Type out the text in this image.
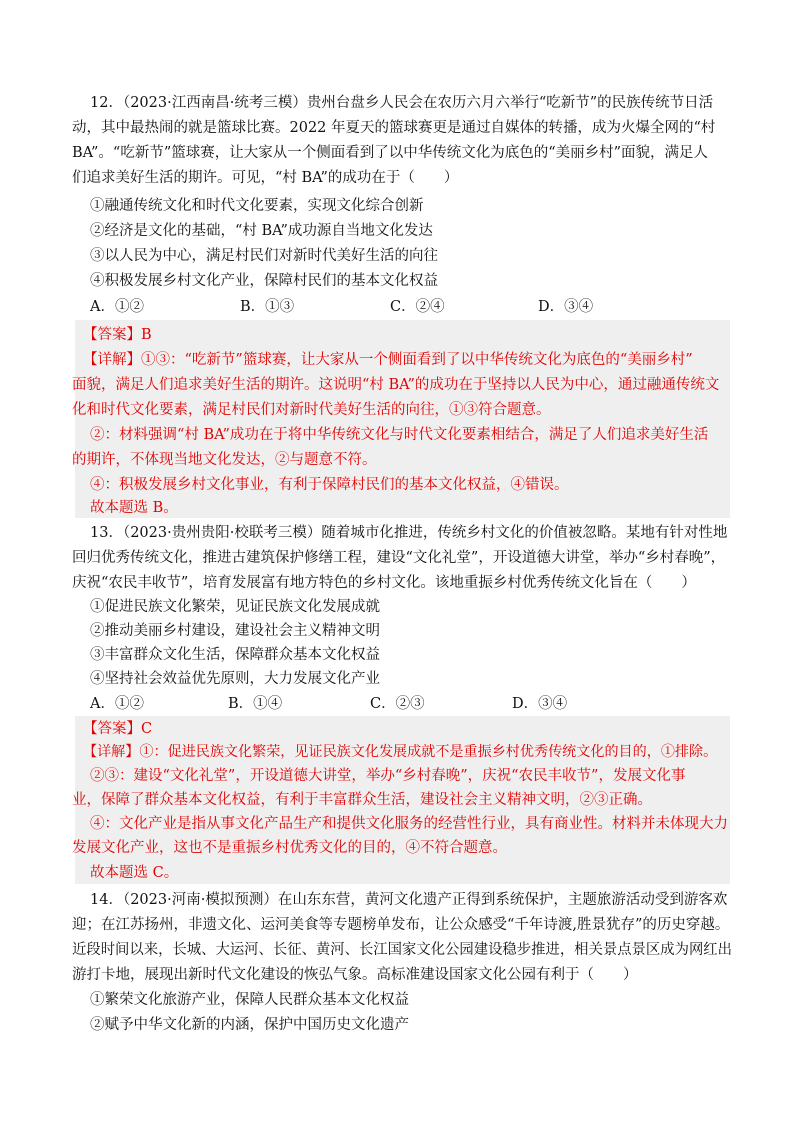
12．（2023·江西南昌·统考三模）贵州台盘乡人民会在农历六月六举行“吃新节”的民族传统节日活
动，其中最热闹的就是篮球比赛。2022 年夏天的篮球赛更是通过自媒体的转播，成为火爆全网的“村
BA”。“吃新节”篮球赛，让大家从一个侧面看到了以中华传统文化为底色的“美丽乡村”面貌，满足人
们追求美好生活的期许。可见，“村 BA”的成功在于（　　）
①融通传统文化和时代文化要素，实现文化综合创新
②经济是文化的基础，“村 BA”成功源自当地文化发达
③以人民为中心，满足村民们对新时代美好生活的向往
④积极发展乡村文化产业，保障村民们的基本文化权益
A．①②	B．①③	C．②④	D．③④
【答案】B
【详解】①③：“吃新节”篮球赛，让大家从一个侧面看到了以中华传统文化为底色的“美丽乡村”
面貌，满足人们追求美好生活的期许。这说明“村 BA”的成功在于坚持以人民为中心，通过融通传统文
化和时代文化要素，满足村民们对新时代美好生活的向往，①③符合题意。
②：材料强调“村 BA”成功在于将中华传统文化与时代文化要素相结合，满足了人们追求美好生活
的期许，不体现当地文化发达，②与题意不符。
④：积极发展乡村文化事业，有利于保障村民们的基本文化权益，④错误。
故本题选 B。
13．（2023·贵州贵阳·校联考三模）随着城市化推进，传统乡村文化的价值被忽略。某地有针对性地
回归优秀传统文化，推进古建筑保护修缮工程，建设“文化礼堂”，开设道德大讲堂，举办“乡村春晚”，
庆祝“农民丰收节”，培育发展富有地方特色的乡村文化。该地重振乡村优秀传统文化旨在（　　）
①促进民族文化繁荣，见证民族文化发展成就
②推动美丽乡村建设，建设社会主义精神文明
③丰富群众文化生活，保障群众基本文化权益
④坚持社会效益优先原则，大力发展文化产业
A．①②	B．①④	C．②③	D．③④
【答案】C
【详解】①：促进民族文化繁荣，见证民族文化发展成就不是重振乡村优秀传统文化的目的，①排除。
②③：建设“文化礼堂”，开设道德大讲堂，举办“乡村春晚”，庆祝“农民丰收节”，发展文化事
业，保障了群众基本文化权益，有利于丰富群众生活，建设社会主义精神文明，②③正确。
④：文化产业是指从事文化产品生产和提供文化服务的经营性行业，具有商业性。材料并未体现大力
发展文化产业，这也不是重振乡村优秀文化的目的，④不符合题意。
故本题选 C。
14．（2023·河南·模拟预测）在山东东营，黄河文化遗产正得到系统保护，主题旅游活动受到游客欢
迎；在江苏扬州，非遗文化、运河美食等专题榜单发布，让公众感受“千年诗渡,胜景犹存”的历史穿越。
近段时间以来，长城、大运河、长征、黄河、长江国家文化公园建设稳步推进，相关景点景区成为网红出
游打卡地，展现出新时代文化建设的恢弘气象。高标准建设国家文化公园有利于（　　）
①繁荣文化旅游产业，保障人民群众基本文化权益
②赋予中华文化新的内涵，保护中国历史文化遗产
